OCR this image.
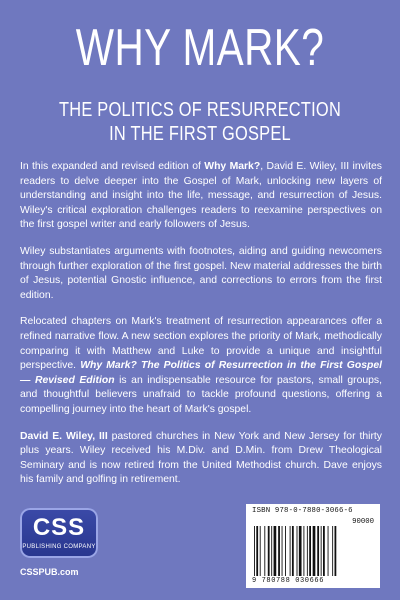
WHY MARK?
THE POLITICS OF RESURRECTION
IN THE FIRST GOSPEL

In this expanded and revised edition of Why Mark?, David E. Wiley, III invites readers to delve deeper into the Gospel of Mark, unlocking new layers of understanding and insight into the life, message, and resurrection of Jesus. Wiley's critical exploration challenges readers to reexamine perspectives on the first gospel writer and early followers of Jesus.

Wiley substantiates arguments with footnotes, aiding and guiding newcomers through further exploration of the first gospel. New material addresses the birth of Jesus, potential Gnostic influence, and corrections to errors from the first edition.

Relocated chapters on Mark's treatment of resurrection appearances offer a refined narrative flow. A new section explores the priority of Mark, methodically comparing it with Matthew and Luke to provide a unique and insightful perspective. Why Mark? The Politics of Resurrection in the First Gospel — Revised Edition is an indispensable resource for pastors, small groups, and thoughtful believers unafraid to tackle profound questions, offering a compelling journey into the heart of Mark's gospel.

David E. Wiley, III pastored churches in New York and New Jersey for thirty plus years. Wiley received his M.Div. and D.Min. from Drew Theological Seminary and is now retired from the United Methodist church. Dave enjoys his family and golfing in retirement.

CSS
PUBLISHING COMPANY
CSSPUB.com
ISBN 978-0-7880-3066-6
90000
9 780788 030666
